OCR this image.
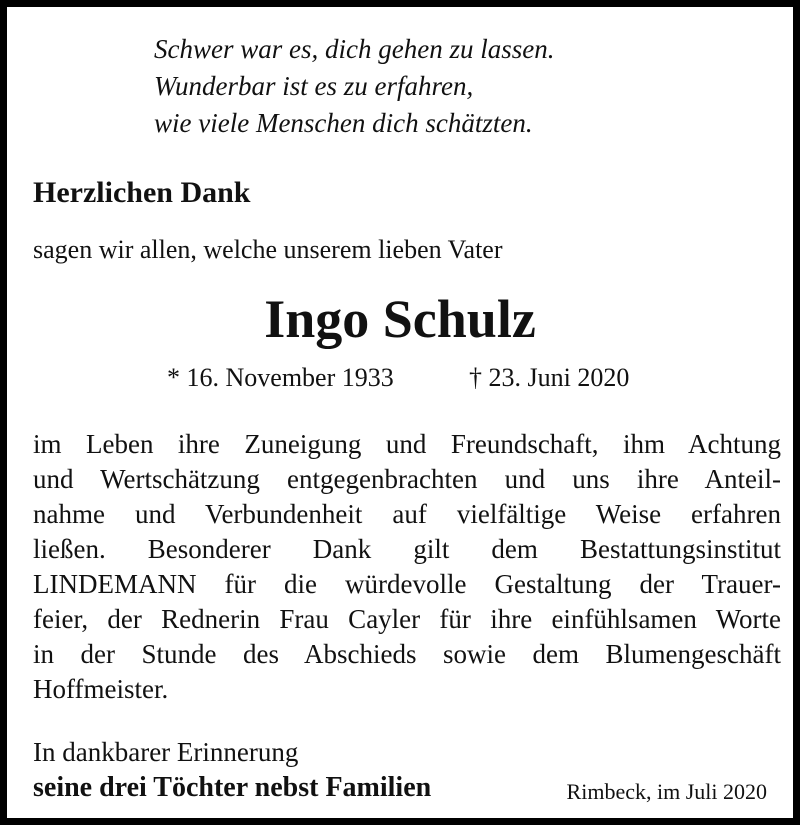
Schwer war es, dich gehen zu lassen.
Wunderbar ist es zu erfahren,
wie viele Menschen dich schätzten.
Herzlichen Dank
sagen wir allen, welche unserem lieben Vater
Ingo Schulz
* 16. November 1933	† 23. Juni 2020
im Leben ihre Zuneigung und Freundschaft, ihm Achtung
und Wertschätzung entgegenbrachten und uns ihre Anteil-
nahme und Verbundenheit auf vielfältige Weise erfahren
ließen. Besonderer Dank gilt dem Bestattungsinstitut
LINDEMANN für die würdevolle Gestaltung der Trauer-
feier, der Rednerin Frau Cayler für ihre einfühlsamen Worte
in der Stunde des Abschieds sowie dem Blumengeschäft
Hoffmeister.
In dankbarer Erinnerung
seine drei Töchter nebst Familien	Rimbeck, im Juli 2020
